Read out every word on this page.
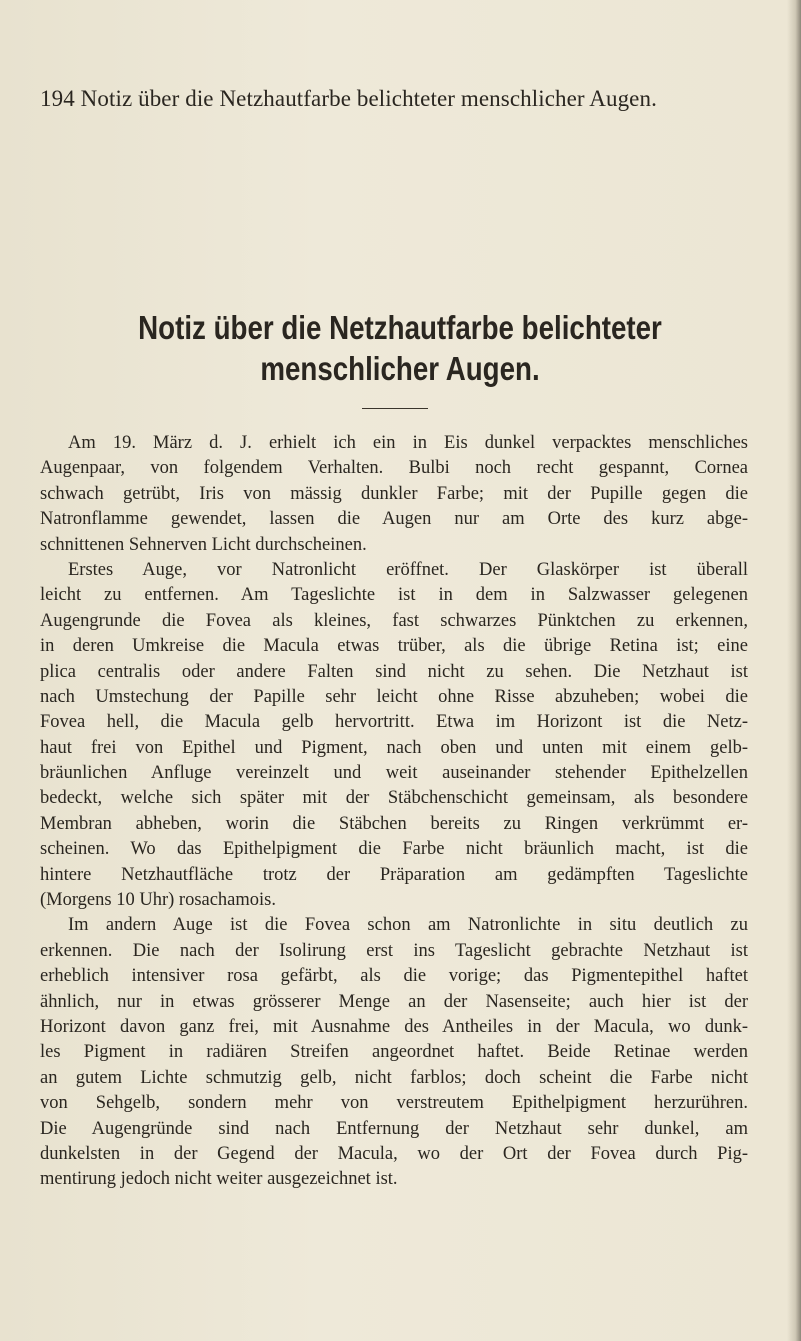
194 Notiz über die Netzhautfarbe belichteter menschlicher Augen.
Notiz über die Netzhautfarbe belichteter
menschlicher Augen.
Am 19. März d. J. erhielt ich ein in Eis dunkel verpacktes menschliches
Augenpaar, von folgendem Verhalten. Bulbi noch recht gespannt, Cornea
schwach getrübt, Iris von mässig dunkler Farbe; mit der Pupille gegen die
Natronflamme gewendet, lassen die Augen nur am Orte des kurz abge-
schnittenen Sehnerven Licht durchscheinen.
Erstes Auge, vor Natronlicht eröffnet. Der Glaskörper ist überall
leicht zu entfernen. Am Tageslichte ist in dem in Salzwasser gelegenen
Augengrunde die Fovea als kleines, fast schwarzes Pünktchen zu erkennen,
in deren Umkreise die Macula etwas trüber, als die übrige Retina ist; eine
plica centralis oder andere Falten sind nicht zu sehen. Die Netzhaut ist
nach Umstechung der Papille sehr leicht ohne Risse abzuheben; wobei die
Fovea hell, die Macula gelb hervortritt. Etwa im Horizont ist die Netz-
haut frei von Epithel und Pigment, nach oben und unten mit einem gelb-
bräunlichen Anfluge vereinzelt und weit auseinander stehender Epithelzellen
bedeckt, welche sich später mit der Stäbchenschicht gemeinsam, als besondere
Membran abheben, worin die Stäbchen bereits zu Ringen verkrümmt er-
scheinen. Wo das Epithelpigment die Farbe nicht bräunlich macht, ist die
hintere Netzhautfläche trotz der Präparation am gedämpften Tageslichte
(Morgens 10 Uhr) rosachamois.
Im andern Auge ist die Fovea schon am Natronlichte in situ deutlich zu
erkennen. Die nach der Isolirung erst ins Tageslicht gebrachte Netzhaut ist
erheblich intensiver rosa gefärbt, als die vorige; das Pigmentepithel haftet
ähnlich, nur in etwas grösserer Menge an der Nasenseite; auch hier ist der
Horizont davon ganz frei, mit Ausnahme des Antheiles in der Macula, wo dunk-
les Pigment in radiären Streifen angeordnet haftet. Beide Retinae werden
an gutem Lichte schmutzig gelb, nicht farblos; doch scheint die Farbe nicht
von Sehgelb, sondern mehr von verstreutem Epithelpigment herzurühren.
Die Augengründe sind nach Entfernung der Netzhaut sehr dunkel, am
dunkelsten in der Gegend der Macula, wo der Ort der Fovea durch Pig-
mentirung jedoch nicht weiter ausgezeichnet ist.
